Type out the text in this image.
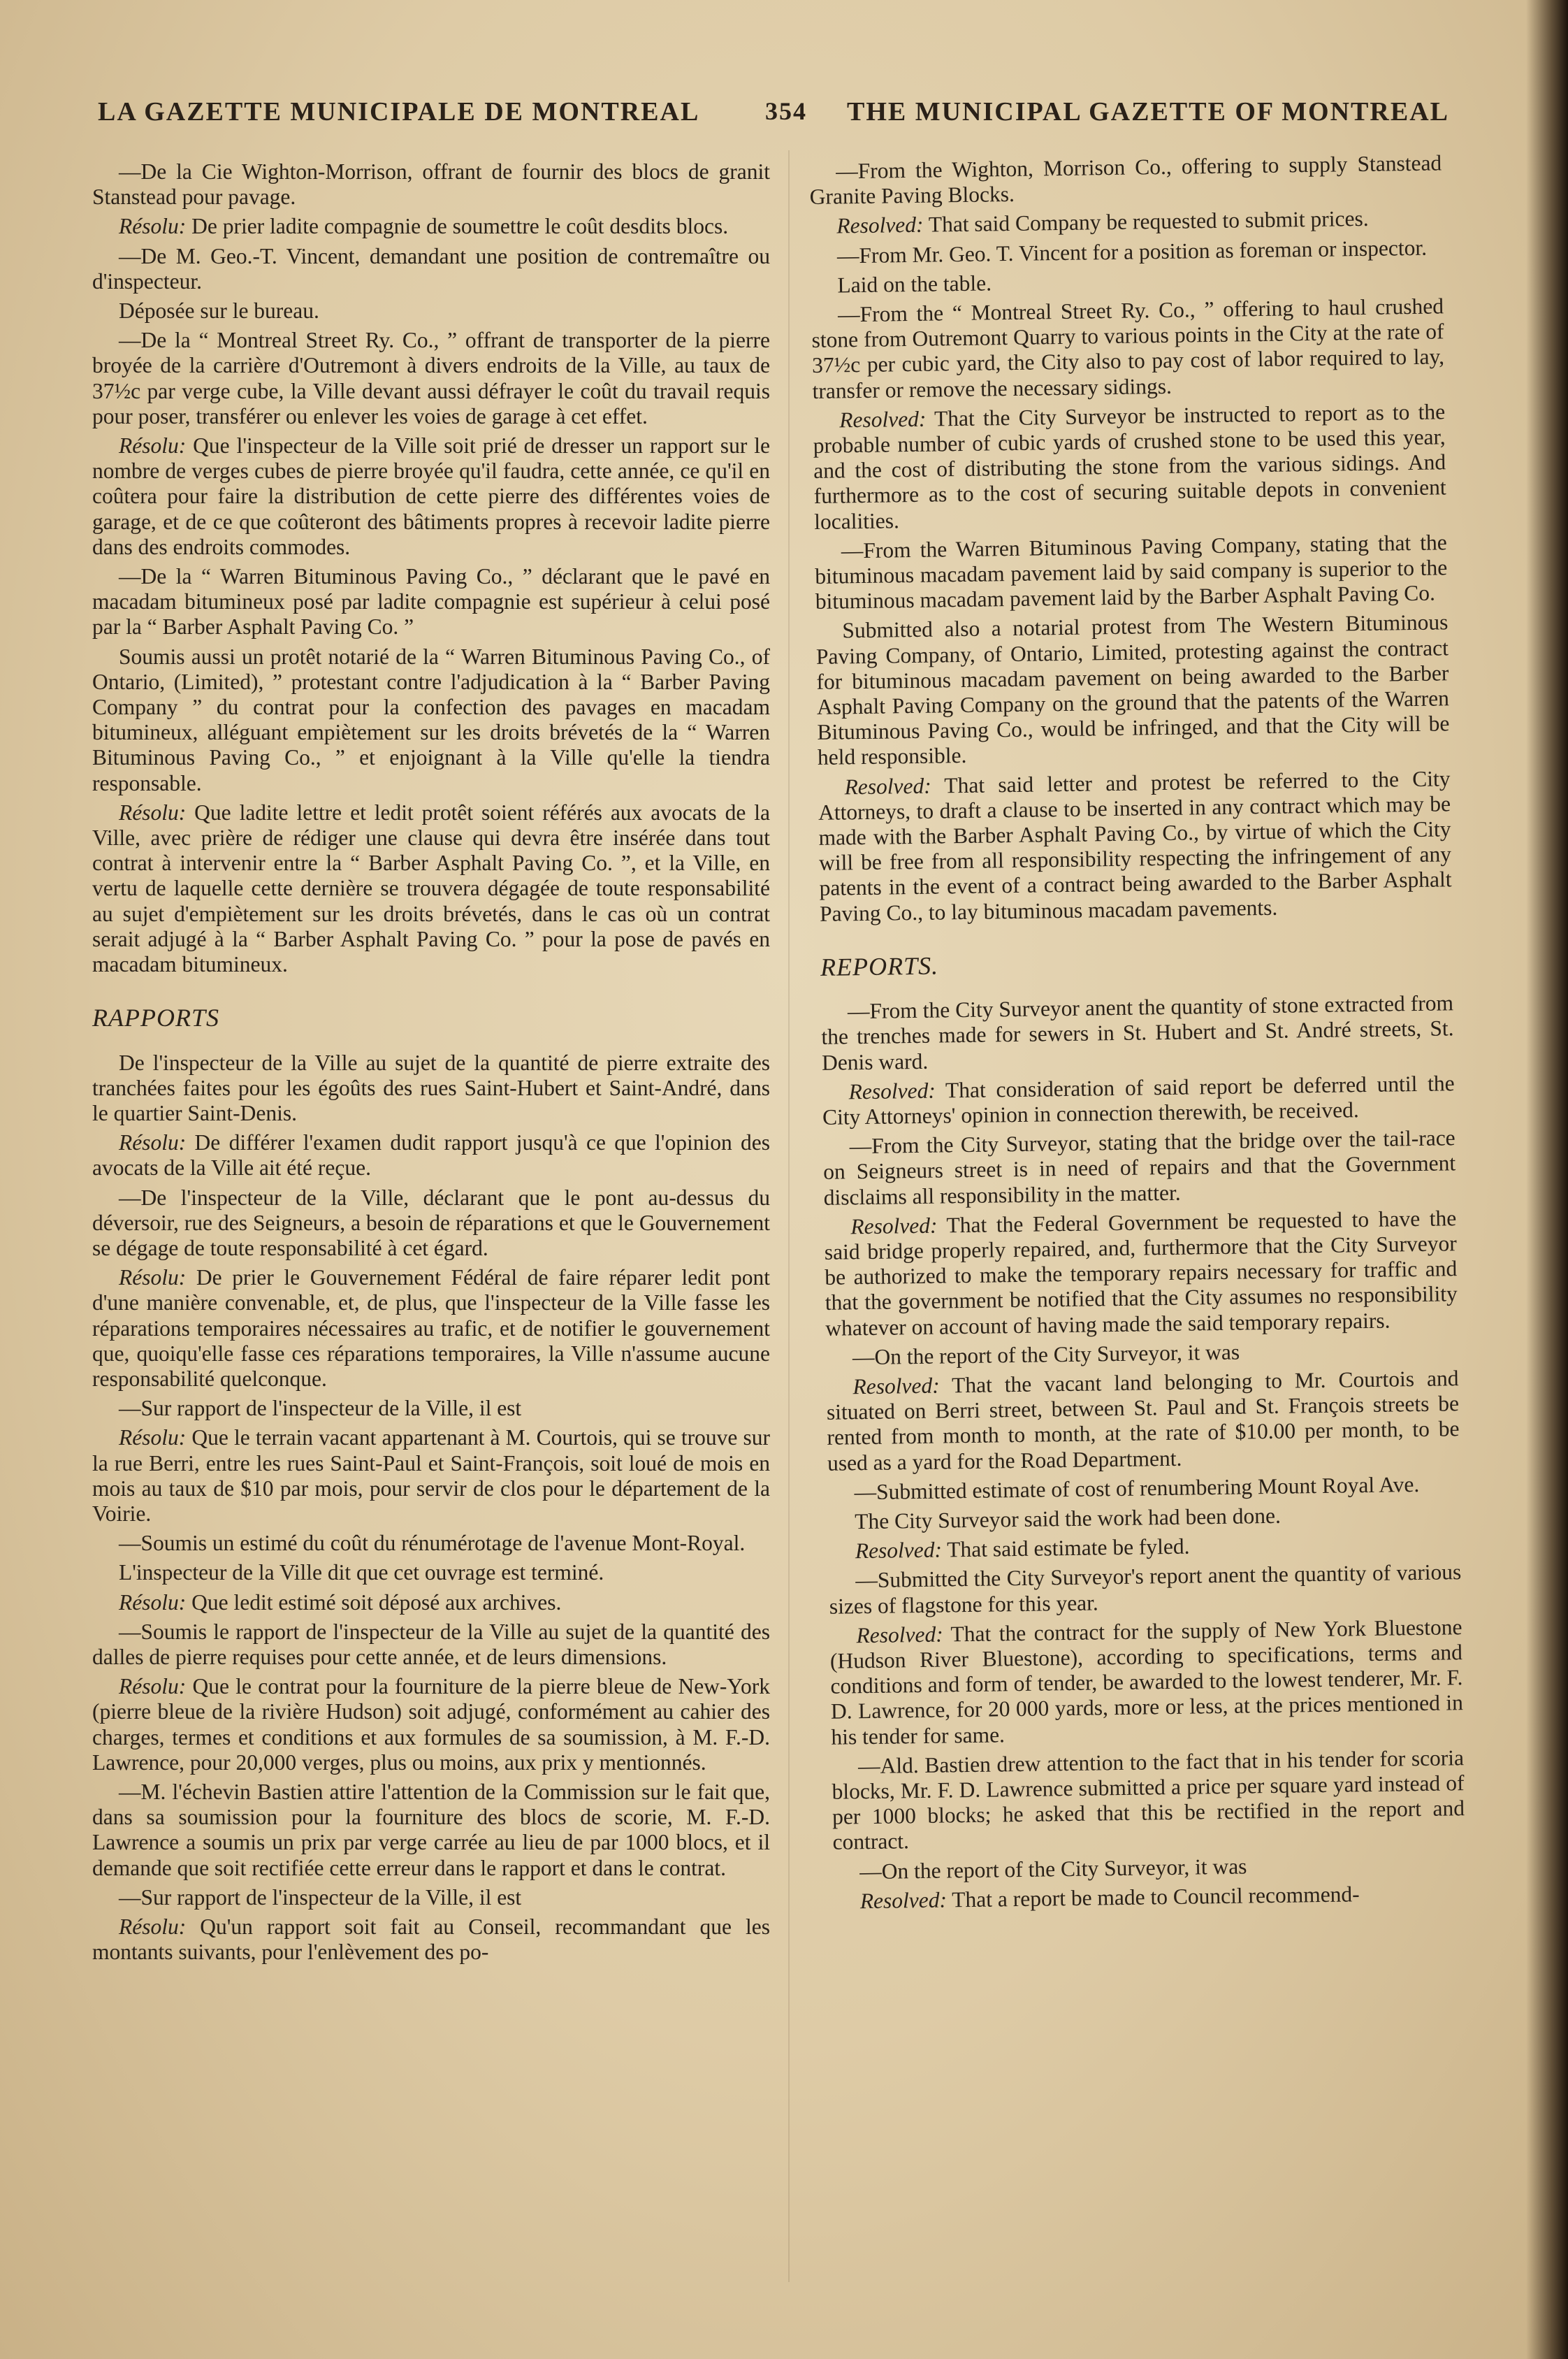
LA GAZETTE MUNICIPALE DE MONTREAL	354 THE MUNICIPAL GAZETTE OF MONTREAL

—De la Cie Wighton-Morrison, offrant de fournir des blocs de granit Stanstead pour pavage.

Résolu: De prier ladite compagnie de soumettre le coût desdits blocs.

—De M. Geo.-T. Vincent, demandant une position de contremaître ou d'inspecteur.

Déposée sur le bureau.

—De la “ Montreal Street Ry. Co., ” offrant de transporter de la pierre broyée de la carrière d'Outremont à divers endroits de la Ville, au taux de 37½c par verge cube, la Ville devant aussi défrayer le coût du travail requis pour poser, transférer ou enlever les voies de garage à cet effet.

Résolu: Que l'inspecteur de la Ville soit prié de dresser un rapport sur le nombre de verges cubes de pierre broyée qu'il faudra, cette année, ce qu'il en coûtera pour faire la distribution de cette pierre des différentes voies de garage, et de ce que coûteront des bâtiments propres à recevoir ladite pierre dans des endroits commodes.

—De la “ Warren Bituminous Paving Co., ” déclarant que le pavé en macadam bitumineux posé par ladite compagnie est supérieur à celui posé par la “ Barber Asphalt Paving Co. ”

Soumis aussi un protêt notarié de la “ Warren Bituminous Paving Co., of Ontario, (Limited), ” protestant contre l'adjudication à la “ Barber Paving Company ” du contrat pour la confection des pavages en macadam bitumineux, alléguant empiètement sur les droits brévetés de la “ Warren Bituminous Paving Co., ” et enjoignant à la Ville qu'elle la tiendra responsable.

Résolu: Que ladite lettre et ledit protêt soient référés aux avocats de la Ville, avec prière de rédiger une clause qui devra être insérée dans tout contrat à intervenir entre la “ Barber Asphalt Paving Co. ”, et la Ville, en vertu de laquelle cette dernière se trouvera dégagée de toute responsabilité au sujet d'empiètement sur les droits brévetés, dans le cas où un contrat serait adjugé à la “ Barber Asphalt Paving Co. ” pour la pose de pavés en macadam bitumineux.

RAPPORTS

De l'inspecteur de la Ville au sujet de la quantité de pierre extraite des tranchées faites pour les égoûts des rues Saint-Hubert et Saint-André, dans le quartier Saint-Denis.

Résolu: De différer l'examen dudit rapport jusqu'à ce que l'opinion des avocats de la Ville ait été reçue.

—De l'inspecteur de la Ville, déclarant que le pont au-dessus du déversoir, rue des Seigneurs, a besoin de réparations et que le Gouvernement se dégage de toute responsabilité à cet égard.

Résolu: De prier le Gouvernement Fédéral de faire réparer ledit pont d'une manière convenable, et, de plus, que l'inspecteur de la Ville fasse les réparations temporaires nécessaires au trafic, et de notifier le gouvernement que, quoiqu'elle fasse ces réparations temporaires, la Ville n'assume aucune responsabilité quelconque.

—Sur rapport de l'inspecteur de la Ville, il est

Résolu: Que le terrain vacant appartenant à M. Courtois, qui se trouve sur la rue Berri, entre les rues Saint-Paul et Saint-François, soit loué de mois en mois au taux de $10 par mois, pour servir de clos pour le département de la Voirie.

—Soumis un estimé du coût du rénumérotage de l'avenue Mont-Royal.

L'inspecteur de la Ville dit que cet ouvrage est terminé.

Résolu: Que ledit estimé soit déposé aux archives.

—Soumis le rapport de l'inspecteur de la Ville au sujet de la quantité des dalles de pierre requises pour cette année, et de leurs dimensions.

Résolu: Que le contrat pour la fourniture de la pierre bleue de New-York (pierre bleue de la rivière Hudson) soit adjugé, conformément au cahier des charges, termes et conditions et aux formules de sa soumission, à M. F.-D. Lawrence, pour 20,000 verges, plus ou moins, aux prix y mentionnés.

—M. l'échevin Bastien attire l'attention de la Commission sur le fait que, dans sa soumission pour la fourniture des blocs de scorie, M. F.-D. Lawrence a soumis un prix par verge carrée au lieu de par 1000 blocs, et il demande que soit rectifiée cette erreur dans le rapport et dans le contrat.

—Sur rapport de l'inspecteur de la Ville, il est

Résolu: Qu'un rapport soit fait au Conseil, recommandant que les montants suivants, pour l'enlèvement des po-

—From the Wighton, Morrison Co., offering to supply Stanstead Granite Paving Blocks.

Resolved: That said Company be requested to submit prices.

—From Mr. Geo. T. Vincent for a position as foreman or inspector.

Laid on the table.

—From the “ Montreal Street Ry. Co., ” offering to haul crushed stone from Outremont Quarry to various points in the City at the rate of 37½c per cubic yard, the City also to pay cost of labor required to lay, transfer or remove the necessary sidings.

Resolved: That the City Surveyor be instructed to report as to the probable number of cubic yards of crushed stone to be used this year, and the cost of distributing the stone from the various sidings. And furthermore as to the cost of securing suitable depots in convenient localities.

—From the Warren Bituminous Paving Company, stating that the bituminous macadam pavement laid by said company is superior to the bituminous macadam pavement laid by the Barber Asphalt Paving Co.

Submitted also a notarial protest from The Western Bituminous Paving Company, of Ontario, Limited, protesting against the contract for bituminous macadam pavement on being awarded to the Barber Asphalt Paving Company on the ground that the patents of the Warren Bituminous Paving Co., would be infringed, and that the City will be held responsible.

Resolved: That said letter and protest be referred to the City Attorneys, to draft a clause to be inserted in any contract which may be made with the Barber Asphalt Paving Co., by virtue of which the City will be free from all responsibility respecting the infringement of any patents in the event of a contract being awarded to the Barber Asphalt Paving Co., to lay bituminous macadam pavements.

REPORTS.

—From the City Surveyor anent the quantity of stone extracted from the trenches made for sewers in St. Hubert and St. André streets, St. Denis ward.

Resolved: That consideration of said report be deferred until the City Attorneys' opinion in connection therewith, be received.

—From the City Surveyor, stating that the bridge over the tail-race on Seigneurs street is in need of repairs and that the Government disclaims all responsibility in the matter.

Resolved: That the Federal Government be requested to have the said bridge properly repaired, and, furthermore that the City Surveyor be authorized to make the temporary repairs necessary for traffic and that the government be notified that the City assumes no responsibility whatever on account of having made the said temporary repairs.

—On the report of the City Surveyor, it was

Resolved: That the vacant land belonging to Mr. Courtois and situated on Berri street, between St. Paul and St. François streets be rented from month to month, at the rate of $10.00 per month, to be used as a yard for the Road Department.

—Submitted estimate of cost of renumbering Mount Royal Ave.

The City Surveyor said the work had been done.

Resolved: That said estimate be fyled.

—Submitted the City Surveyor's report anent the quantity of various sizes of flagstone for this year.

Resolved: That the contract for the supply of New York Bluestone (Hudson River Bluestone), according to specifications, terms and conditions and form of tender, be awarded to the lowest tenderer, Mr. F. D. Lawrence, for 20 000 yards, more or less, at the prices mentioned in his tender for same.

—Ald. Bastien drew attention to the fact that in his tender for scoria blocks, Mr. F. D. Lawrence submitted a price per square yard instead of per 1000 blocks; he asked that this be rectified in the report and contract.

—On the report of the City Surveyor, it was

Resolved: That a report be made to Council recommend-
